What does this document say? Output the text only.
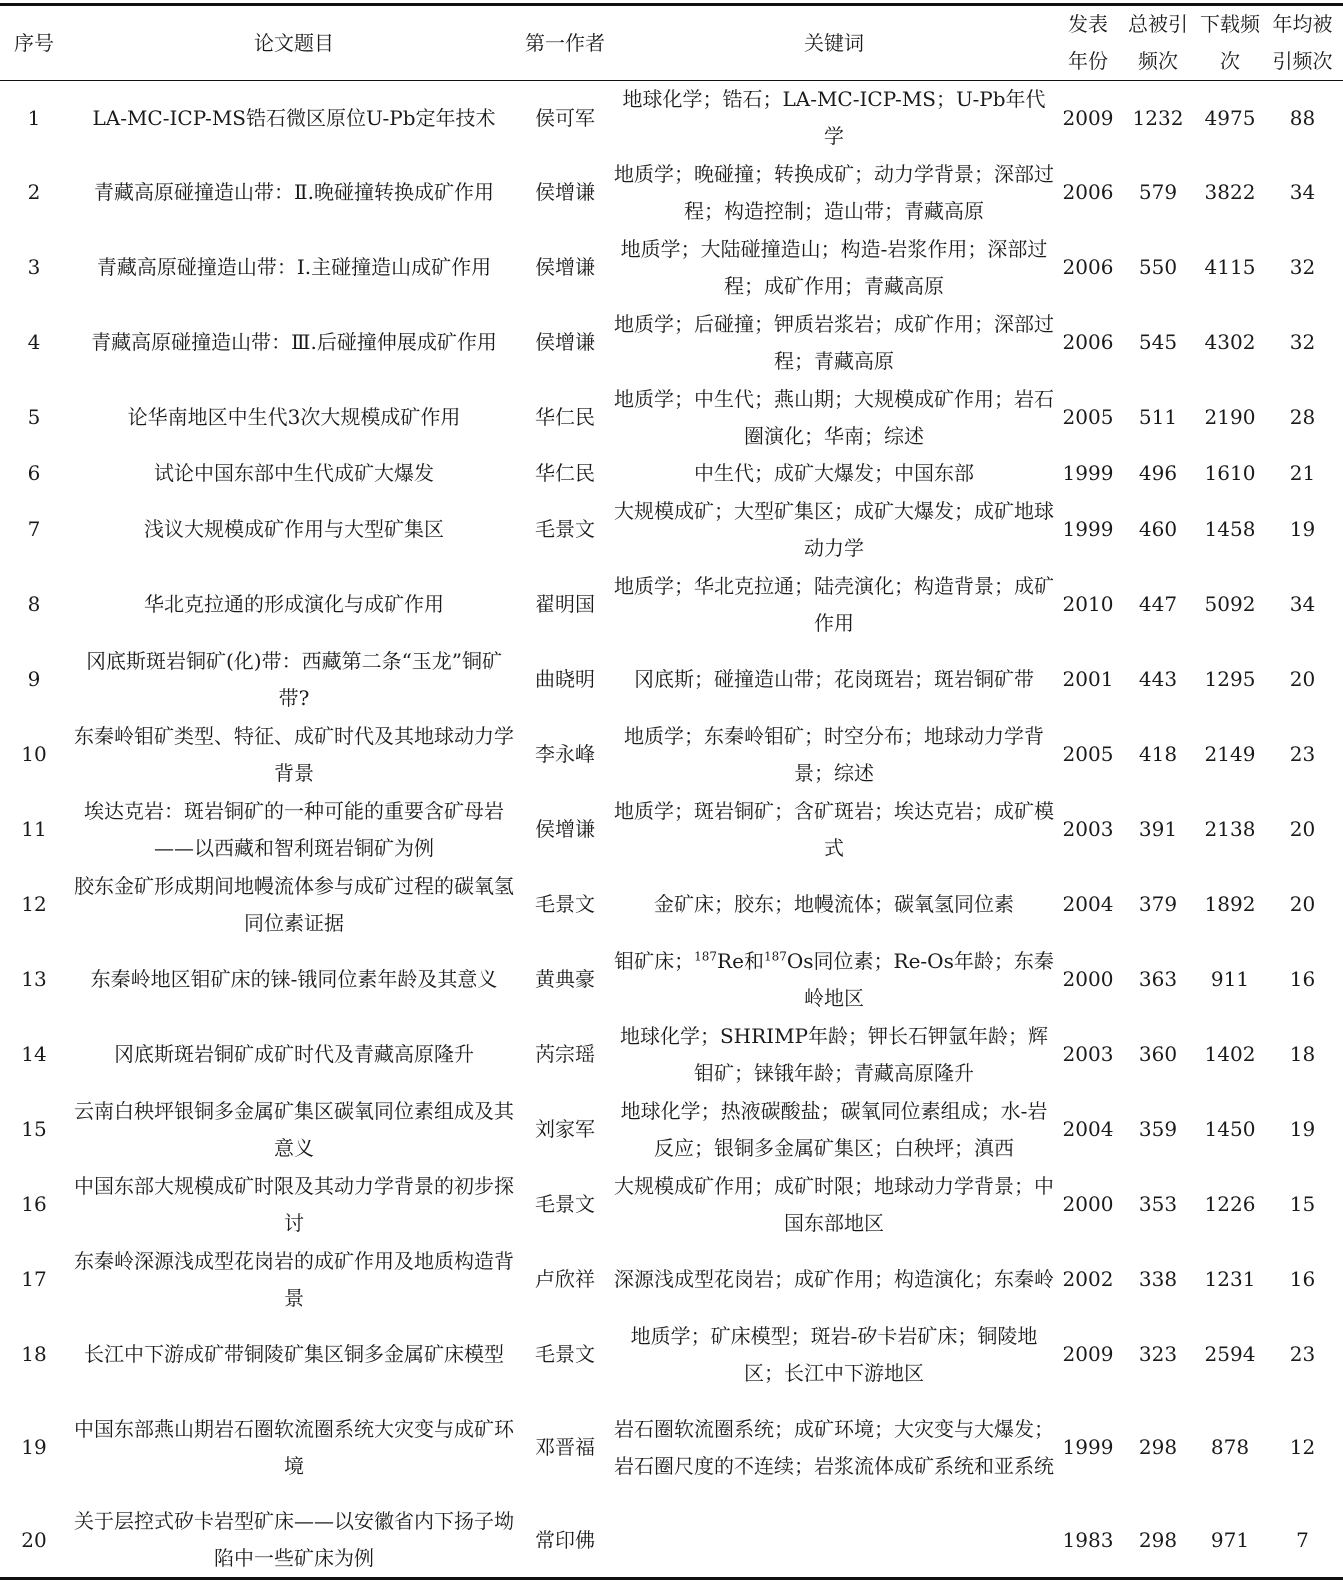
序号	论文题目	第一作者	关键词	发表年份	总被引频次	下载频次	年均被引频次
1	LA-MC-ICP-MS锆石微区原位U-Pb定年技术	侯可军	地球化学；锆石；LA-MC-ICP-MS；U-Pb年代学	2009	1232	4975	88
2	青藏高原碰撞造山带：Ⅱ.晚碰撞转换成矿作用	侯增谦	地质学；晚碰撞；转换成矿；动力学背景；深部过程；构造控制；造山带；青藏高原	2006	579	3822	34
3	青藏高原碰撞造山带：Ⅰ.主碰撞造山成矿作用	侯增谦	地质学；大陆碰撞造山；构造-岩浆作用；深部过程；成矿作用；青藏高原	2006	550	4115	32
4	青藏高原碰撞造山带：Ⅲ.后碰撞伸展成矿作用	侯增谦	地质学；后碰撞；钾质岩浆岩；成矿作用；深部过程；青藏高原	2006	545	4302	32
5	论华南地区中生代3次大规模成矿作用	华仁民	地质学；中生代；燕山期；大规模成矿作用；岩石圈演化；华南；综述	2005	511	2190	28
6	试论中国东部中生代成矿大爆发	华仁民	中生代；成矿大爆发；中国东部	1999	496	1610	21
7	浅议大规模成矿作用与大型矿集区	毛景文	大规模成矿；大型矿集区；成矿大爆发；成矿地球动力学	1999	460	1458	19
8	华北克拉通的形成演化与成矿作用	翟明国	地质学；华北克拉通；陆壳演化；构造背景；成矿作用	2010	447	5092	34
9	冈底斯斑岩铜矿(化)带：西藏第二条“玉龙”铜矿带?	曲晓明	冈底斯；碰撞造山带；花岗斑岩；斑岩铜矿带	2001	443	1295	20
10	东秦岭钼矿类型、特征、成矿时代及其地球动力学背景	李永峰	地质学；东秦岭钼矿；时空分布；地球动力学背景；综述	2005	418	2149	23
11	埃达克岩：斑岩铜矿的一种可能的重要含矿母岩——以西藏和智利斑岩铜矿为例	侯增谦	地质学；斑岩铜矿；含矿斑岩；埃达克岩；成矿模式	2003	391	2138	20
12	胶东金矿形成期间地幔流体参与成矿过程的碳氧氢同位素证据	毛景文	金矿床；胶东；地幔流体；碳氧氢同位素	2004	379	1892	20
13	东秦岭地区钼矿床的铼-锇同位素年龄及其意义	黄典豪	钼矿床；$^{187}$Re和$^{187}$Os同位素；Re-Os年龄；东秦岭地区	2000	363	911	16
14	冈底斯斑岩铜矿成矿时代及青藏高原隆升	芮宗瑶	地球化学；SHRIMP年龄；钾长石钾氩年龄；辉钼矿；铼锇年龄；青藏高原隆升	2003	360	1402	18
15	云南白秧坪银铜多金属矿集区碳氧同位素组成及其意义	刘家军	地球化学；热液碳酸盐；碳氧同位素组成；水-岩反应；银铜多金属矿集区；白秧坪；滇西	2004	359	1450	19
16	中国东部大规模成矿时限及其动力学背景的初步探讨	毛景文	大规模成矿作用；成矿时限；地球动力学背景；中国东部地区	2000	353	1226	15
17	东秦岭深源浅成型花岗岩的成矿作用及地质构造背景	卢欣祥	深源浅成型花岗岩；成矿作用；构造演化；东秦岭	2002	338	1231	16
18	长江中下游成矿带铜陵矿集区铜多金属矿床模型	毛景文	地质学；矿床模型；斑岩-矽卡岩矿床；铜陵地区；长江中下游地区	2009	323	2594	23
19	中国东部燕山期岩石圈软流圈系统大灾变与成矿环境	邓晋福	岩石圈软流圈系统；成矿环境；大灾变与大爆发；岩石圈尺度的不连续；岩浆流体成矿系统和亚系统	1999	298	878	12
20	关于层控式矽卡岩型矿床——以安徽省内下扬子坳陷中一些矿床为例	常印佛		1983	298	971	7
